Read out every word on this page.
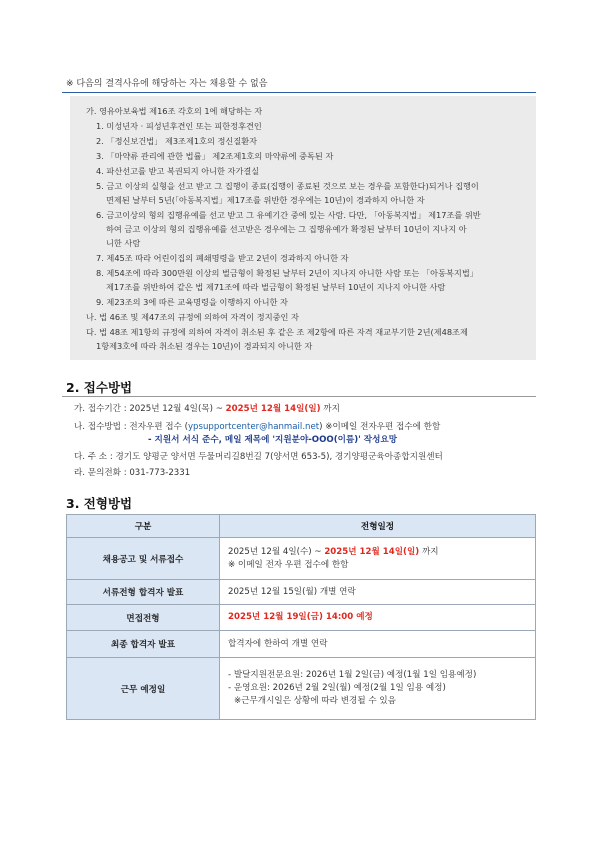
※ 다음의 결격사유에 해당하는 자는 채용할 수 없음
가. 영유아보육법 제16조 각호의 1에 해당하는 자
1. 미성년자 · 피성년후견인 또는 피한정후견인
2. 「정신보건법」 제3조제1호의 정신질환자
3. 「마약류 관리에 관한 법률」 제2조제1호의 마약류에 중독된 자
4. 파산선고를 받고 복권되지 아니한 자가결실
5. 금고 이상의 실형을 선고 받고 그 집행이 종료(집행이 종료된 것으로 보는 경우를 포함한다)되거나 집행이
면제된 날부터 5년(「아동복지법」제17조를 위반한 경우에는 10년)이 경과하지 아니한 자
6. 금고이상의 형의 집행유예를 선고 받고 그 유예기간 중에 있는 사람. 다만, 「아동복지법」 제17조를 위반
하여 금고 이상의 형의 집행유예를 선고받은 경우에는 그 집행유예가 확정된 날부터 10년이 지나지 아
니한 사람
7. 제45조 따라 어린이집의 폐쇄명령을 받고 2년이 경과하지 아니한 자
8. 제54조에 따라 300만원 이상의 벌금형이 확정된 날부터 2년이 지나지 아니한 사람 또는 「아동복지법」
제17조를 위반하여 같은 법 제71조에 따라 벌금형이 확정된 날부터 10년이 지나지 아니한 사람
9. 제23조의 3에 따른 교육명령을 이행하지 아니한 자
나. 법 46조 및 제47조의 규정에 의하여 자격이 정지중인 자
다. 법 48조 제1항의 규정에 의하여 자격이 취소된 후 같은 조 제2항에 따른 자격 재교부기한 2년(제48조제
1항제3호에 따라 취소된 경우는 10년)이 경과되지 아니한 자
2. 접수방법
가. 접수기간 : 2025년 12월 4일(목) ~ 2025년 12월 14일(일) 까지
나. 접수방법 : 전자우편 접수 (ypsupportcenter@hanmail.net) ※이메일 전자우편 접수에 한함
- 지원서 서식 준수, 메일 제목에 '지원분야-OOO(이름)' 작성요망
다. 주 소 : 경기도 양평군 양서면 두물머리길8번길 7(양서면 653-5), 경기양평군육아종합지원센터
라. 문의전화 : 031-773-2331
3. 전형방법
구분	전형일정
채용공고 및 서류접수	2025년 12월 4일(수) ~ 2025년 12월 14일(일) 까지
※ 이메일 전자 우편 접수에 한함

서류전형 합격자 발표	2025년 12월 15일(월) 개별 연락
면접전형	2025년 12월 19일(금) 14:00 예정
최종 합격자 발표	합격자에 한하여 개별 연락
근무 예정일	- 발달지원전문요원: 2026년 1월 2일(금) 예정(1월 1일 임용예정)
- 운영요원: 2026년 2월 2일(월) 예정(2월 1일 임용 예정)
※근무개시일은 상황에 따라 변경될 수 있음
